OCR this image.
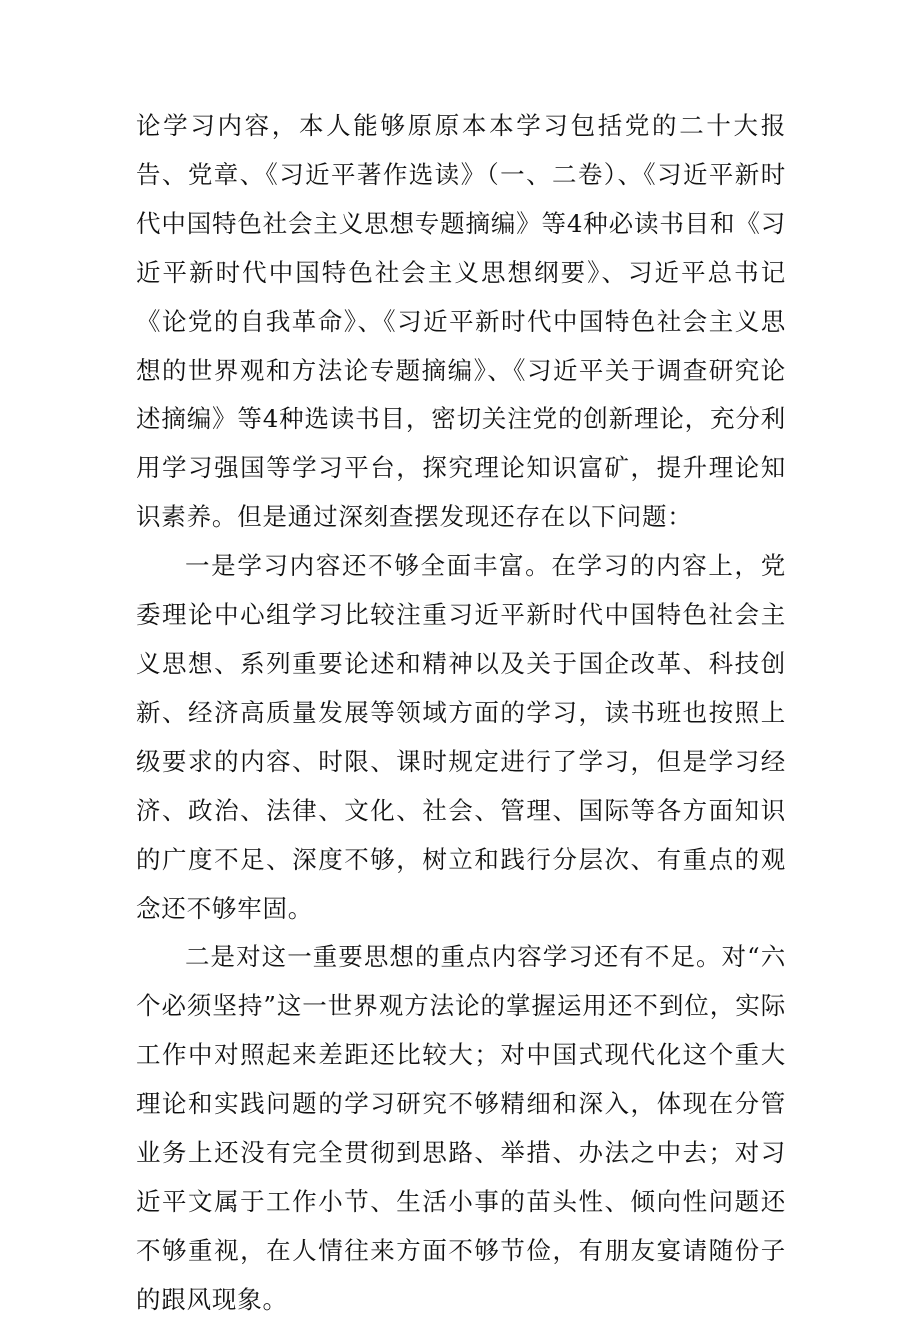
论学习内容，本人能够原原本本学习包括党的二十大报告、党章、《习近平著作选读》（一、二卷）、《习近平新时代中国特色社会主义思想专题摘编》等4种必读书目和《习近平新时代中国特色社会主义思想纲要》、习近平总书记《论党的自我革命》、《习近平新时代中国特色社会主义思想的世界观和方法论专题摘编》、《习近平关于调查研究论述摘编》等4种选读书目，密切关注党的创新理论，充分利用学习强国等学习平台，探究理论知识富矿，提升理论知识素养。但是通过深刻查摆发现还存在以下问题：

一是学习内容还不够全面丰富。在学习的内容上，党委理论中心组学习比较注重习近平新时代中国特色社会主义思想、系列重要论述和精神以及关于国企改革、科技创新、经济高质量发展等领域方面的学习，读书班也按照上级要求的内容、时限、课时规定进行了学习，但是学习经济、政治、法律、文化、社会、管理、国际等各方面知识的广度不足、深度不够，树立和践行分层次、有重点的观念还不够牢固。

二是对这一重要思想的重点内容学习还有不足。对“六个必须坚持”这一世界观方法论的掌握运用还不到位，实际工作中对照起来差距还比较大；对中国式现代化这个重大理论和实践问题的学习研究不够精细和深入，体现在分管业务上还没有完全贯彻到思路、举措、办法之中去；对习近平文属于工作小节、生活小事的苗头性、倾向性问题还不够重视，在人情往来方面不够节俭，有朋友宴请随份子的跟风现象。
